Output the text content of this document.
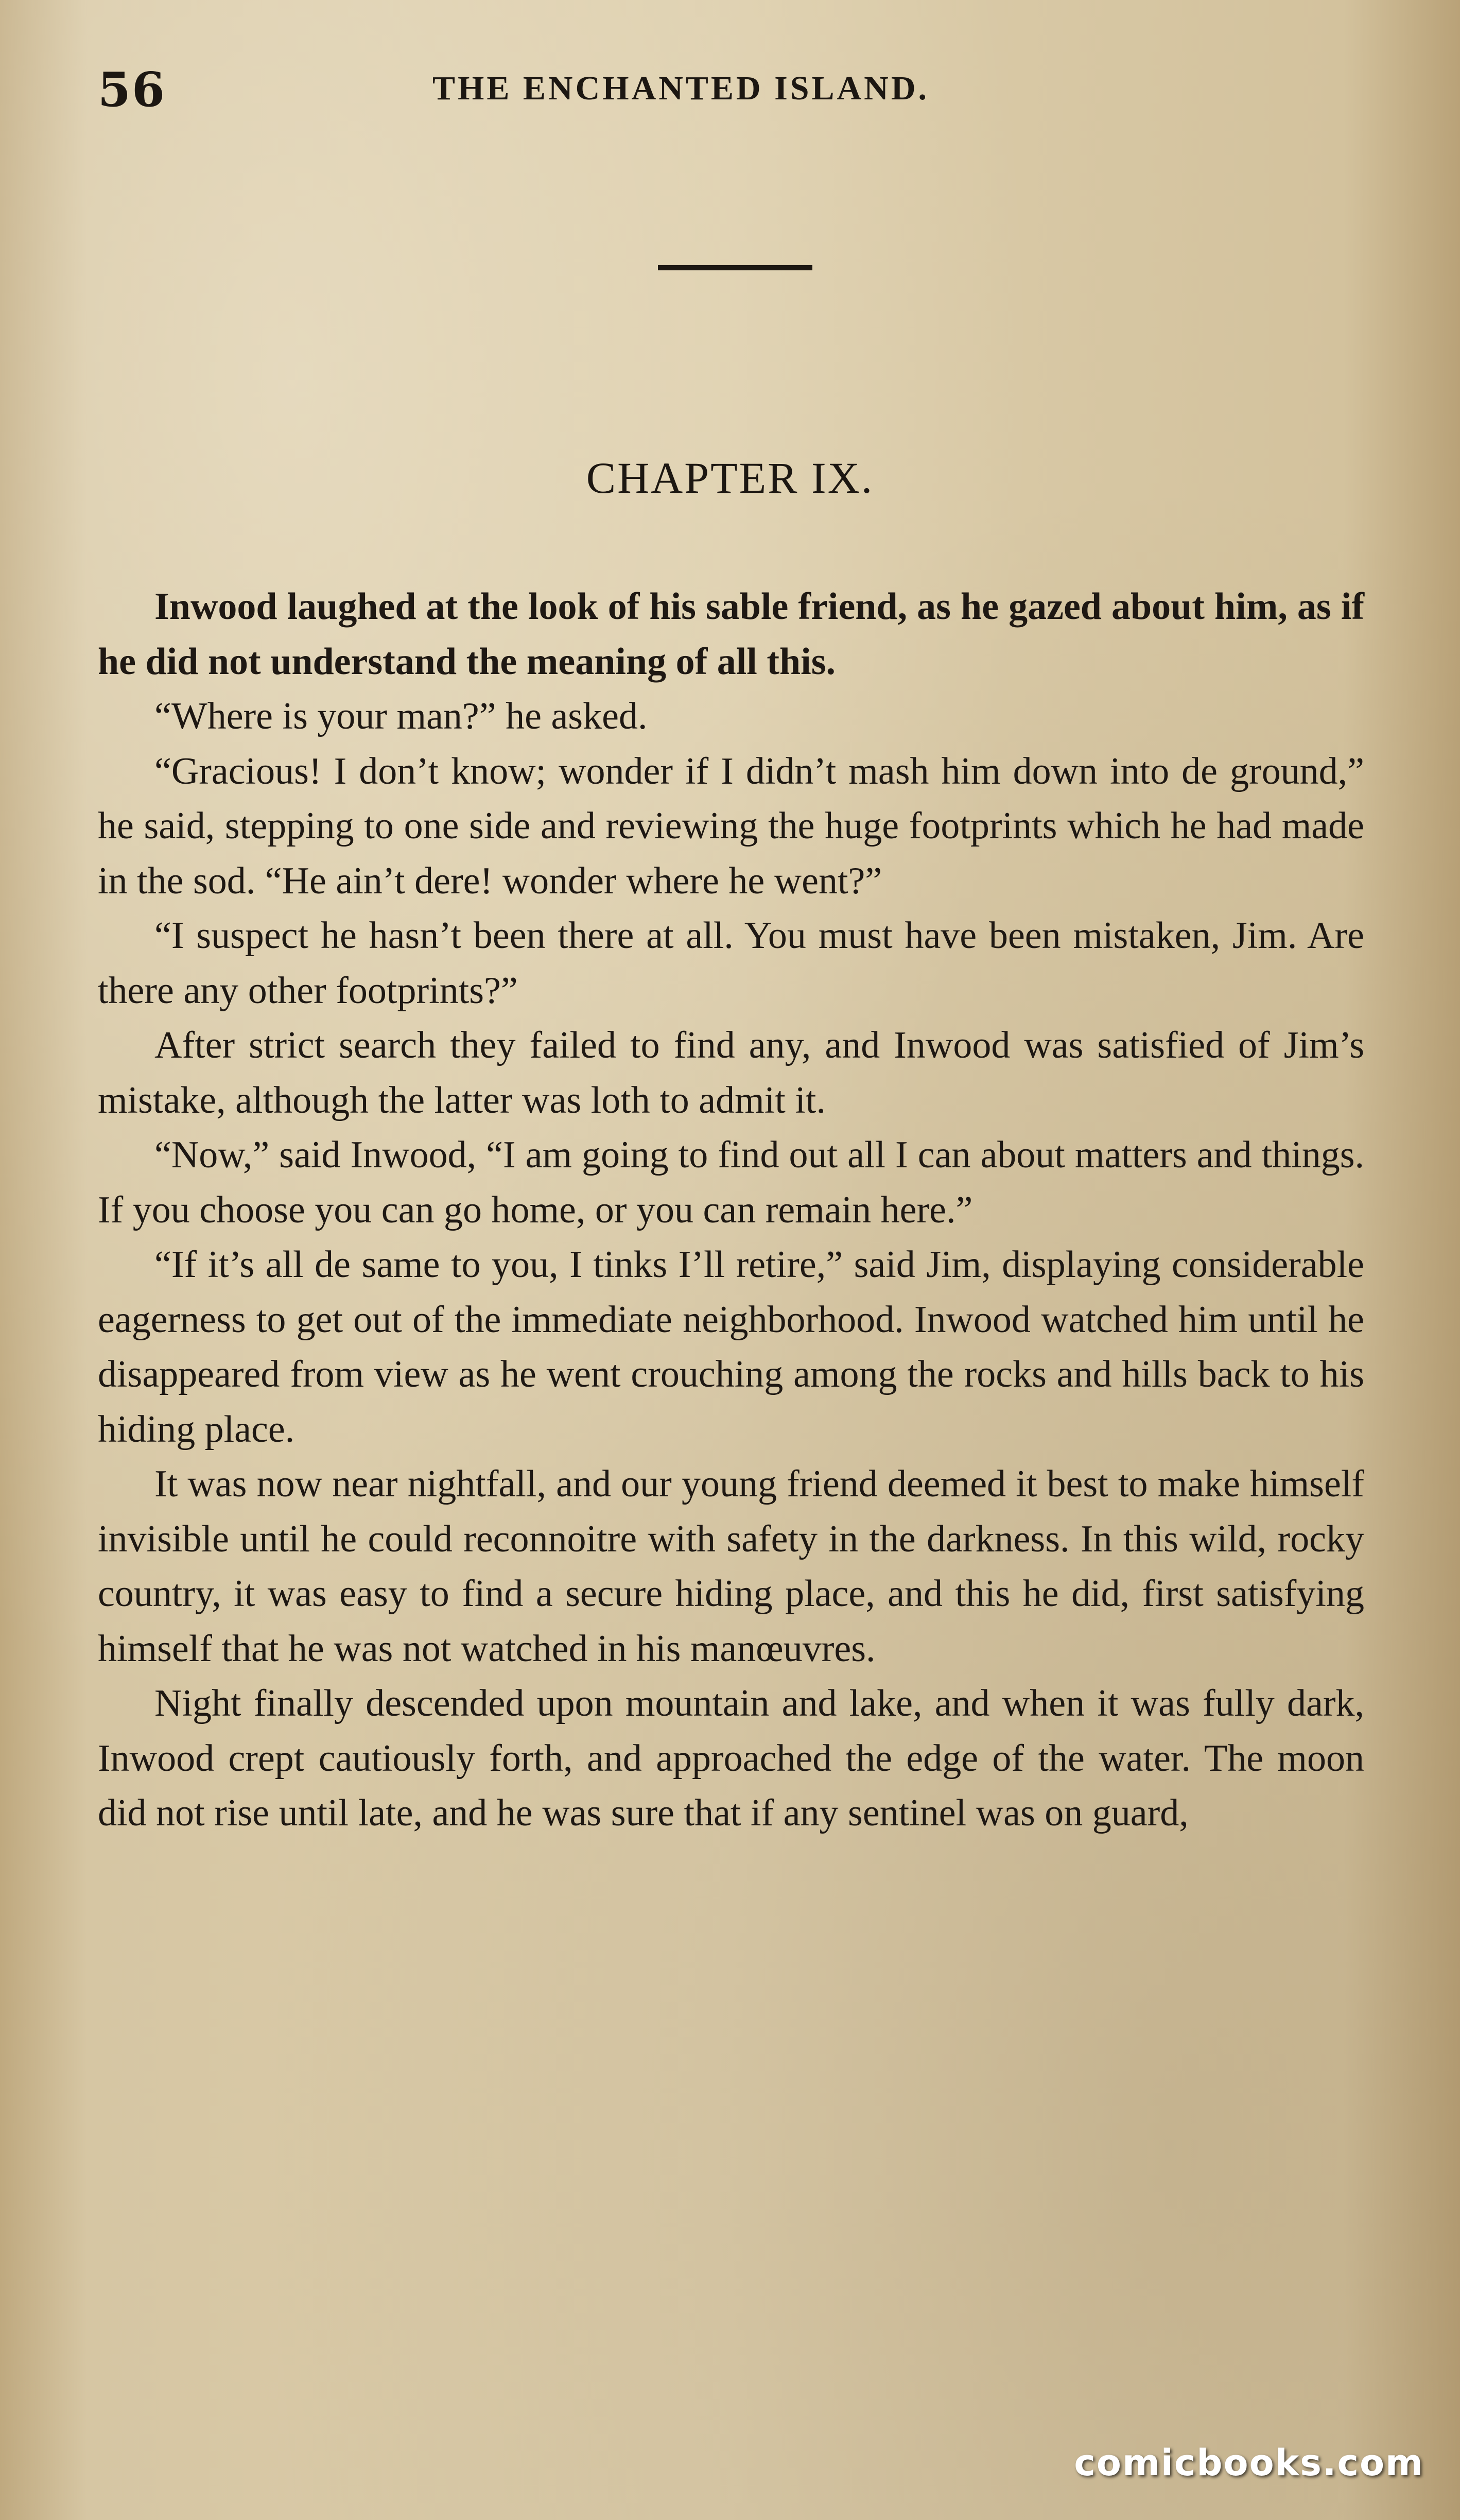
56	THE ENCHANTED ISLAND.
CHAPTER IX.

Inwood laughed at the look of his sable friend, as he gazed about him, as if he did not understand the meaning of all this.

“Where is your man?” he asked.

“Gracious! I don’t know; wonder if I didn’t mash him down into de ground,” he said, stepping to one side and reviewing the huge footprints which he had made in the sod. “He ain’t dere! wonder where he went?”

“I suspect he hasn’t been there at all. You must have been mistaken, Jim. Are there any other footprints?”

After strict search they failed to find any, and Inwood was satisfied of Jim’s mistake, although the latter was loth to admit it.

“Now,” said Inwood, “I am going to find out all I can about matters and things. If you choose you can go home, or you can remain here.”

“If it’s all de same to you, I tinks I’ll retire,” said Jim, displaying considerable eagerness to get out of the immediate neighborhood. Inwood watched him until he disappeared from view as he went crouching among the rocks and hills back to his hiding place.

It was now near nightfall, and our young friend deemed it best to make himself invisible until he could reconnoitre with safety in the darkness. In this wild, rocky country, it was easy to find a secure hiding place, and this he did, first satisfying himself that he was not watched in his manœuvres.

Night finally descended upon mountain and lake, and when it was fully dark, Inwood crept cautiously forth, and approached the edge of the water. The moon did not rise until late, and he was sure that if any sentinel was on guard,

comicbooks.com
